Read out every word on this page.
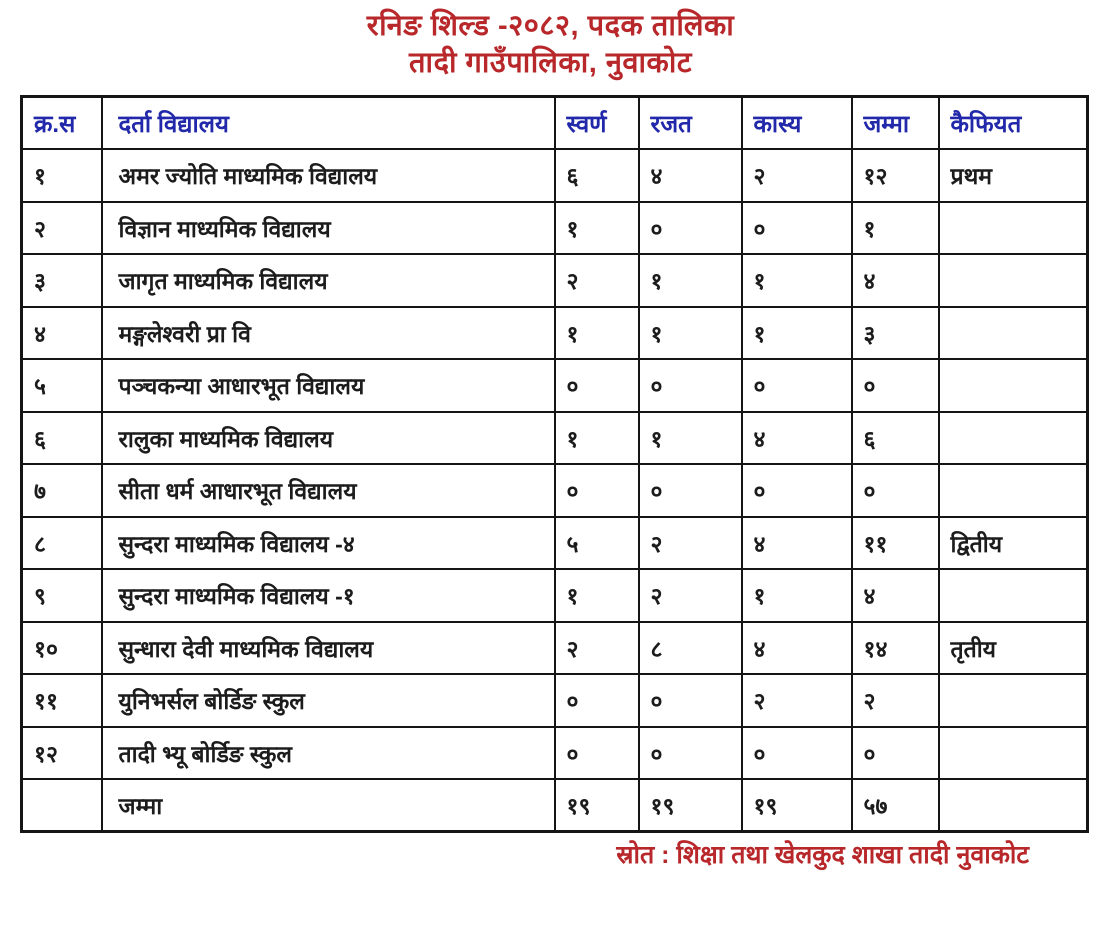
रनिङ शिल्ड -२०८२, पदक तालिका
तादी गाउँपालिका, नुवाकोट
क्र.स	दर्ता विद्यालय	स्वर्ण	रजत	कास्य	जम्मा	कैफियत
१	अमर ज्योति माध्यमिक विद्यालय	६	४	२	१२	प्रथम
२	विज्ञान माध्यमिक विद्यालय	१	०	०	१	
३	जागृत माध्यमिक विद्यालय	२	१	१	४	
४	मङ्गलेश्वरी प्रा वि	१	१	१	३	
५	पञ्चकन्या आधारभूत विद्यालय	०	०	०	०	
६	रालुका माध्यमिक विद्यालय	१	१	४	६	
७	सीता धर्म आधारभूत विद्यालय	०	०	०	०	
८	सुन्दरा माध्यमिक विद्यालय -४	५	२	४	११	द्वितीय
९	सुन्दरा माध्यमिक विद्यालय -१	१	२	१	४	
१०	सुन्धारा देवी माध्यमिक विद्यालय	२	८	४	१४	तृतीय
११	युनिभर्सल बोर्डिङ स्कुल	०	०	२	२	
१२	तादी भ्यू बोर्डिङ स्कुल	०	०	०	०	
	जम्मा	१९	१९	१९	५७	
स्रोत : शिक्षा तथा खेलकुद शाखा तादी नुवाकोट
